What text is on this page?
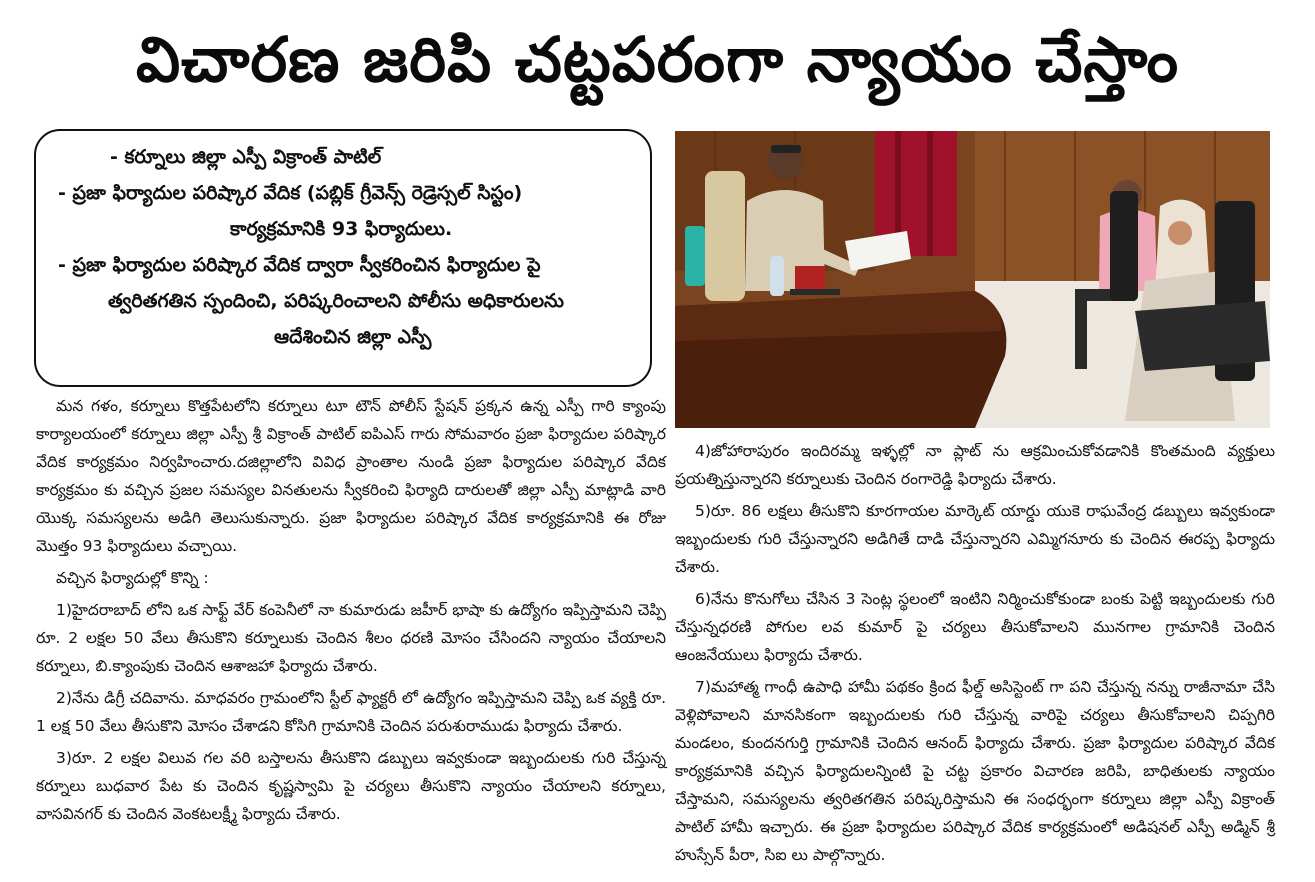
విచారణ జరిపి చట్టపరంగా న్యాయం చేస్తాం
- కర్నూలు జిల్లా ఎస్పీ విక్రాంత్ పాటిల్
- ప్రజా ఫిర్యాదుల పరిష్కార వేదిక (పబ్లిక్ గ్రీవెన్స్ రెడ్రెస్సల్ సిస్టం)
కార్యక్రమానికి 93 ఫిర్యాదులు.
- ప్రజా ఫిర్యాదుల పరిష్కార వేదిక ద్వారా స్వీకరించిన ఫిర్యాదుల పై
త్వరితగతిన స్పందించి, పరిష్కరించాలని పోలీసు అధికారులను
ఆదేశించిన జిల్లా ఎస్పీ

మన గళం, కర్నూలు కొత్తపేటలోని కర్నూలు టూ టౌన్ పోలీస్ స్టేషన్ ప్రక్కన ఉన్న ఎస్పీ గారి క్యాంపు కార్యాలయంలో కర్నూలు జిల్లా ఎస్పీ శ్రీ విక్రాంత్ పాటిల్ ఐపిఎస్ గారు సోమవారం ప్రజా ఫిర్యాదుల పరిష్కార వేదిక కార్యక్రమం నిర్వహించారు.దజిల్లాలోని వివిధ ప్రాంతాల నుండి ప్రజా ఫిర్యాదుల పరిష్కార వేదిక కార్యక్రమం కు వచ్చిన ప్రజల సమస్యల వినతులను స్వీకరించి ఫిర్యాది దారులతో జిల్లా ఎస్పీ మాట్లాడి వారి యొక్క సమస్యలను అడిగి తెలుసుకున్నారు. ప్రజా ఫిర్యాదుల పరిష్కార వేదిక కార్యక్రమానికి ఈ రోజు మొత్తం 93 ఫిర్యాదులు వచ్చాయి.

వచ్చిన ఫిర్యాదుల్లో కొన్ని :

1)హైదరాబాద్ లోని ఒక సాఫ్ట్ వేర్ కంపెనీలో నా కుమారుడు జహీర్ భాషా కు ఉద్యోగం ఇప్పిస్తామని చెప్పి రూ. 2 లక్షల 50 వేలు తీసుకొని కర్నూలుకు చెందిన శీలం ధరణి మోసం చేసిందని న్యాయం చేయాలని కర్నూలు, బి.క్యాంపుకు చెందిన ఆశాజహా ఫిర్యాదు చేశారు.

2)నేను డిగ్రీ చదివాను. మాధవరం గ్రామంలోని స్టీల్ ఫ్యాక్టరీ లో ఉద్యోగం ఇప్పిస్తామని చెప్పి ఒక వ్యక్తి రూ. 1 లక్ష 50 వేలు తీసుకొని మోసం చేశాడని కోసిగి గ్రామానికి చెందిన పరుశురాముడు ఫిర్యాదు చేశారు.

3)రూ. 2 లక్షల విలువ గల వరి బస్తాలను తీసుకొని డబ్బులు ఇవ్వకుండా ఇబ్బందులకు గురి చేస్తున్న కర్నూలు బుధవార పేట కు చెందిన కృష్ణస్వామి పై చర్యలు తీసుకొని న్యాయం చేయాలని కర్నూలు, వాసవినగర్ కు చెందిన వెంకటలక్ష్మీ ఫిర్యాదు చేశారు.

4)జోహారాపురం ఇందిరమ్మ ఇళ్ళల్లో నా ప్లాట్ ను ఆక్రమించుకోవడానికి కొంతమంది వ్యక్తులు ప్రయత్నిస్తున్నారని కర్నూలుకు చెందిన రంగారెడ్డి ఫిర్యాదు చేశారు.

5)రూ. 86 లక్షలు తీసుకొని కూరగాయల మార్కెట్ యార్డు యుకె రాఘవేంద్ర డబ్బులు ఇవ్వకుండా ఇబ్బందులకు గురి చేస్తున్నారని అడిగితే దాడి చేస్తున్నారని ఎమ్మిగనూరు కు చెందిన ఈరప్ప ఫిర్యాదు చేశారు.

6)నేను కొనుగోలు చేసిన 3 సెంట్ల స్థలంలో ఇంటిని నిర్మించుకోకుండా బంకు పెట్టి ఇబ్బందులకు గురి చేస్తున్నధరణి పోగుల లవ కుమార్ పై చర్యలు తీసుకోవాలని మునగాల గ్రామానికి చెందిన ఆంజనేయులు ఫిర్యాదు చేశారు.

7)మహాత్మ గాంధీ ఉపాధి హామీ పథకం క్రింద ఫీల్డ్ అసిస్టెంట్ గా పని చేస్తున్న నన్ను రాజీనామా చేసి వెళ్లిపోవాలని మానసికంగా ఇబ్బందులకు గురి చేస్తున్న వారిపై చర్యలు తీసుకోవాలని చిప్పగిరి మండలం, కుందనగుర్తి గ్రామానికి చెందిన ఆనంద్ ఫిర్యాదు చేశారు. ప్రజా ఫిర్యాదుల పరిష్కార వేదిక కార్యక్రమానికి వచ్చిన ఫిర్యాదులన్నింటి పై చట్ట ప్రకారం విచారణ జరిపి, బాధితులకు న్యాయం చేస్తామని, సమస్యలను త్వరితగతిన పరిష్కరిస్తామని ఈ సంధర్భంగా కర్నూలు జిల్లా ఎస్పీ విక్రాంత్ పాటిల్ హామీ ఇచ్చారు. ఈ ప్రజా ఫిర్యాదుల పరిష్కార వేదిక కార్యక్రమంలో అడిషనల్ ఎస్పీ అడ్మిన్ శ్రీ హుస్సేన్ పీరా, సిఐ లు పాల్గొన్నారు.
